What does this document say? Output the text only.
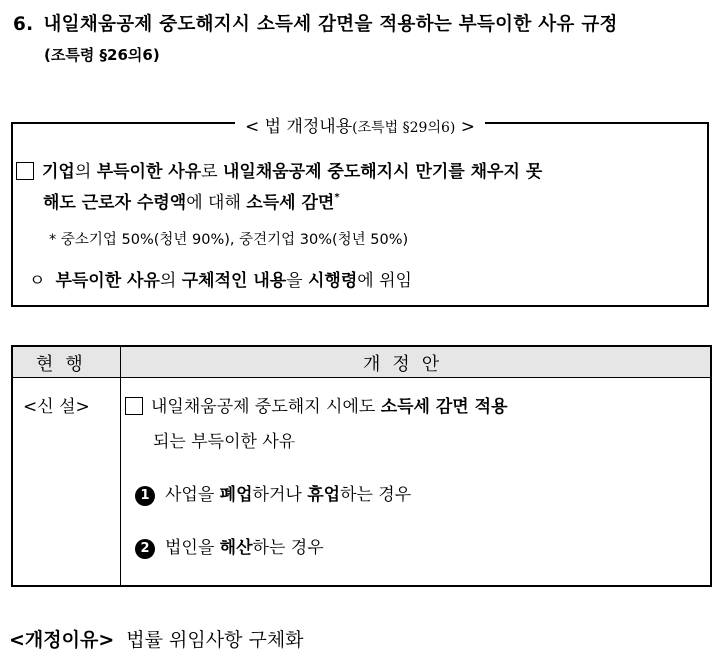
6. 내일채움공제 중도해지시 소득세 감면을 적용하는 부득이한 사유 규정
(조특령 §26의6)
< 법 개정내용(조특법 §29의6) >
기업의 부득이한 사유로 내일채움공제 중도해지시 만기를 채우지 못
해도 근로자 수령액에 대해 소득세 감면*
* 중소기업 50%(청년 90%), 중견기업 30%(청년 50%)
ㅇ 부득이한 사유의 구체적인 내용을 시행령에 위임
현행	개정안
<신 설>	내일채움공제 중도해지 시에도 소득세 감면 적용
되는 부득이한 사유
1 사업을 폐업하거나 휴업하는 경우
2 법인을 해산하는 경우
<개정이유> 법률 위임사항 구체화
